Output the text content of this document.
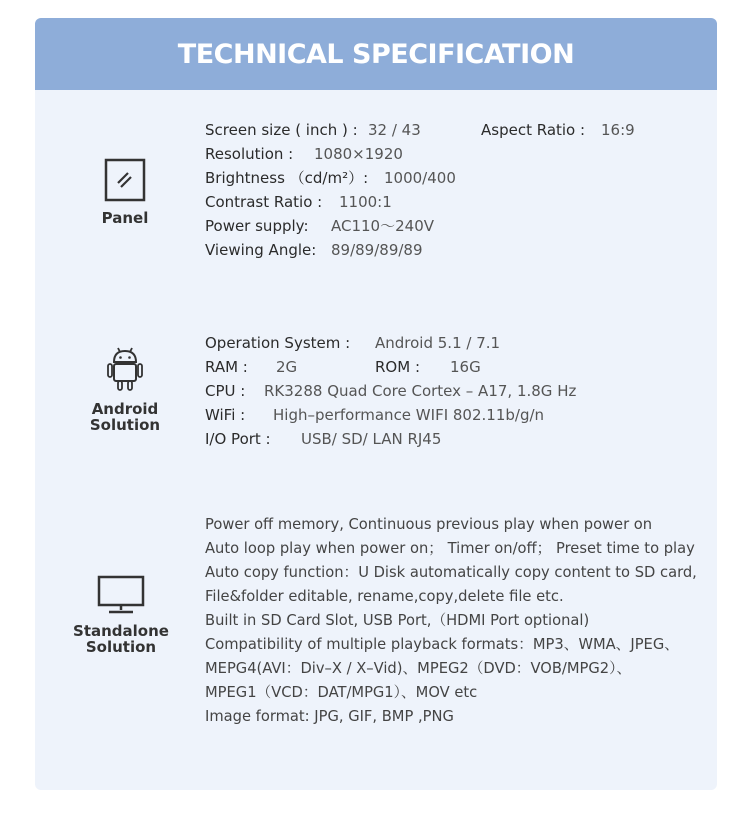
TECHNICAL SPECIFICATION
Panel
Screen size ( inch ) : 32 / 43	Aspect Ratio : 16:9
Resolution : 1080×1920
Brightness （cd/m²）: 1000/400
Contrast Ratio : 1100:1
Power supply: AC110～240V
Viewing Angle: 89/89/89/89
Android
Solution
Operation System : Android 5.1 / 7.1
RAM : 2G	ROM : 16G
CPU : RK3288 Quad Core Cortex – A17, 1.8G Hz
WiFi : High–performance WIFI 802.11b/g/n
I/O Port : USB/ SD/ LAN RJ45
Standalone
Solution
Power off memory, Continuous previous play when power on
Auto loop play when power on； Timer on/off； Preset time to play
Auto copy function：U Disk automatically copy content to SD card,
File&folder editable, rename,copy,delete file etc.
Built in SD Card Slot, USB Port,（HDMI Port optional)
Compatibility of multiple playback formats：MP3、WMA、JPEG、
MEPG4(AVI：Div–X / X–Vid)、MPEG2（DVD：VOB/MPG2）、
MPEG1（VCD：DAT/MPG1）、MOV etc
Image format: JPG, GIF, BMP ,PNG
